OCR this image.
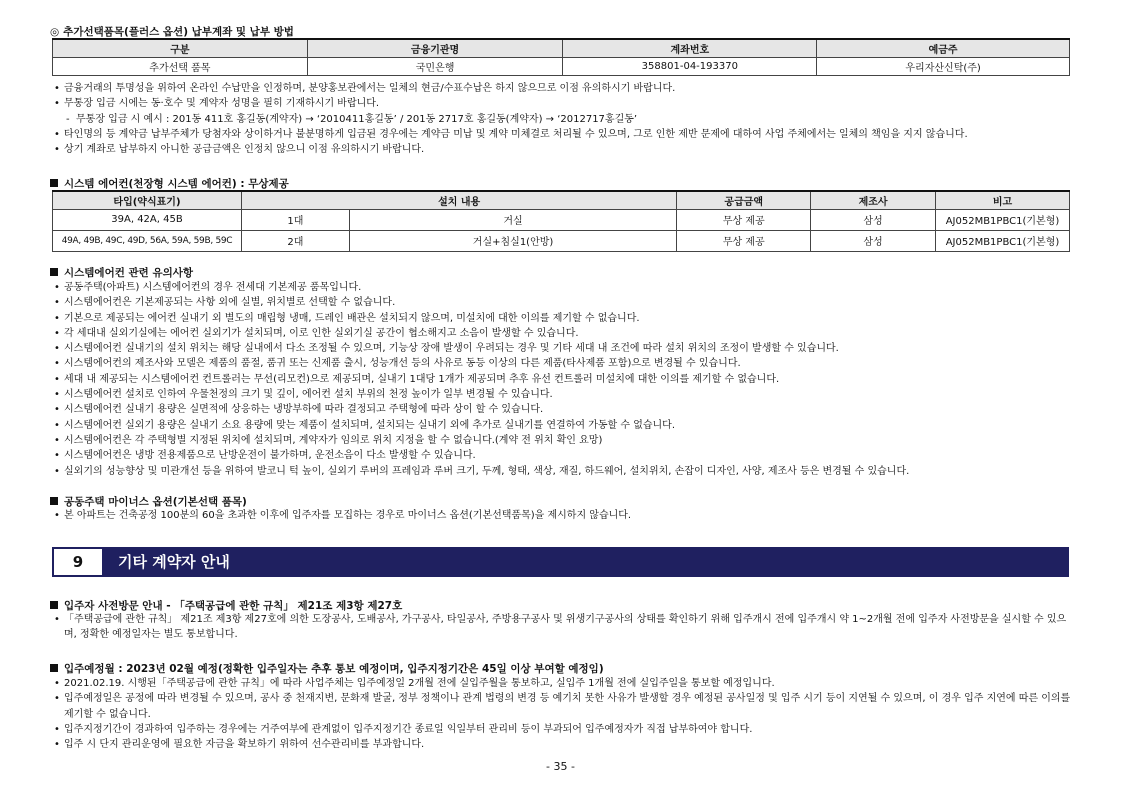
◎ 추가선택품목(플러스 옵션) 납부계좌 및 납부 방법
구분	금융기관명	계좌번호	예금주
추가선택 품목	국민은행	358801-04-193370	우리자산신탁(주)
• 금융거래의 투명성을 위하여 온라인 수납만을 인정하며, 분양홍보관에서는 일체의 현금/수표수납은 하지 않으므로 이점 유의하시기 바랍니다.
• 무통장 입금 시에는 동·호수 및 계약자 성명을 필히 기재하시기 바랍니다.
- 무통장 입금 시 예시 : 201동 411호 홍길동(계약자) → ‘2010411홍길동’ / 201동 2717호 홍길동(계약자) → ‘2012717홍길동’
• 타인명의 등 계약금 납부주체가 당첨자와 상이하거나 불분명하게 입금된 경우에는 계약금 미납 및 계약 미체결로 처리될 수 있으며, 그로 인한 제반 문제에 대하여 사업 주체에서는 일체의 책임을 지지 않습니다.
• 상기 계좌로 납부하지 아니한 공급금액은 인정치 않으니 이점 유의하시기 바랍니다.
시스템 에어컨(천장형 시스템 에어컨) : 무상제공
타입(약식표기)	설치 내용		공급금액	제조사	비고
39A, 42A, 45B	1대	거실	무상 제공	삼성	AJ052MB1PBC1(기본형)
49A, 49B, 49C, 49D, 56A, 59A, 59B, 59C	2대	거실+침실1(안방)	무상 제공	삼성	AJ052MB1PBC1(기본형)
시스템에어컨 관련 유의사항
• 공동주택(아파트) 시스템에어컨의 경우 전세대 기본제공 품목입니다.
• 시스템에어컨은 기본제공되는 사항 외에 실별, 위치별로 선택할 수 없습니다.
• 기본으로 제공되는 에어컨 실내기 외 별도의 매립형 냉매, 드레인 배관은 설치되지 않으며, 미설치에 대한 이의를 제기할 수 없습니다.
• 각 세대내 실외기실에는 에어컨 실외기가 설치되며, 이로 인한 실외기실 공간이 협소해지고 소음이 발생할 수 있습니다.
• 시스템에어컨 실내기의 설치 위치는 해당 실내에서 다소 조정될 수 있으며, 기능상 장애 발생이 우려되는 경우 및 기타 세대 내 조건에 따라 설치 위치의 조정이 발생할 수 있습니다.
• 시스템에어컨의 제조사와 모델은 제품의 품절, 품귀 또는 신제품 출시, 성능개선 등의 사유로 동등 이상의 다른 제품(타사제품 포함)으로 변경될 수 있습니다.
• 세대 내 제공되는 시스템에어컨 컨트롤러는 무선(리모컨)으로 제공되며, 실내기 1대당 1개가 제공되며 추후 유선 컨트롤러 미설치에 대한 이의를 제기할 수 없습니다.
• 시스템에어컨 설치로 인하여 우물천정의 크기 및 깊이, 에어컨 설치 부위의 천정 높이가 일부 변경될 수 있습니다.
• 시스템에어컨 실내기 용량은 실면적에 상응하는 냉방부하에 따라 결정되고 주택형에 따라 상이 할 수 있습니다.
• 시스템에어컨 실외기 용량은 실내기 소요 용량에 맞는 제품이 설치되며, 설치되는 실내기 외에 추가로 실내기를 연결하여 가동할 수 없습니다.
• 시스템에어컨은 각 주택형별 지정된 위치에 설치되며, 계약자가 임의로 위치 지정을 할 수 없습니다.(계약 전 위치 확인 요망)
• 시스템에어컨은 냉방 전용제품으로 난방운전이 불가하며, 운전소음이 다소 발생할 수 있습니다.
• 실외기의 성능향상 및 미관개선 등을 위하여 발코니 턱 높이, 실외기 루버의 프레임과 루버 크기, 두께, 형태, 색상, 재질, 하드웨어, 설치위치, 손잡이 디자인, 사양, 제조사 등은 변경될 수 있습니다.
공동주택 마이너스 옵션(기본선택 품목)
• 본 아파트는 건축공정 100분의 60을 초과한 이후에 입주자를 모집하는 경우로 마이너스 옵션(기본선택품목)을 제시하지 않습니다.
9	기타 계약자 안내
입주자 사전방문 안내 - 「주택공급에 관한 규칙」 제21조 제3항 제27호
• 「주택공급에 관한 규칙」 제21조 제3항 제27호에 의한 도장공사, 도배공사, 가구공사, 타일공사, 주방용구공사 및 위생기구공사의 상태를 확인하기 위해 입주개시 전에 입주개시 약 1~2개월 전에 입주자 사전방문을 실시할 수 있으며, 정확한 예정일자는 별도 통보합니다.
입주예정월 : 2023년 02월 예정(정확한 입주일자는 추후 통보 예정이며, 입주지정기간은 45일 이상 부여할 예정임)
• 2021.02.19. 시행된「주택공급에 관한 규칙」에 따라 사업주체는 입주예정일 2개월 전에 실입주월을 통보하고, 실입주 1개월 전에 실입주일을 통보할 예정입니다.
• 입주예정일은 공정에 따라 변경될 수 있으며, 공사 중 천재지변, 문화재 발굴, 정부 정책이나 관계 법령의 변경 등 예기치 못한 사유가 발생할 경우 예정된 공사일정 및 입주 시기 등이 지연될 수 있으며, 이 경우 입주 지연에 따른 이의를 제기할 수 없습니다.
• 입주지정기간이 경과하여 입주하는 경우에는 거주여부에 관계없이 입주지정기간 종료일 익일부터 관리비 등이 부과되어 입주예정자가 직접 납부하여야 합니다.
• 입주 시 단지 관리운영에 필요한 자금을 확보하기 위하여 선수관리비를 부과합니다.
- 35 -
